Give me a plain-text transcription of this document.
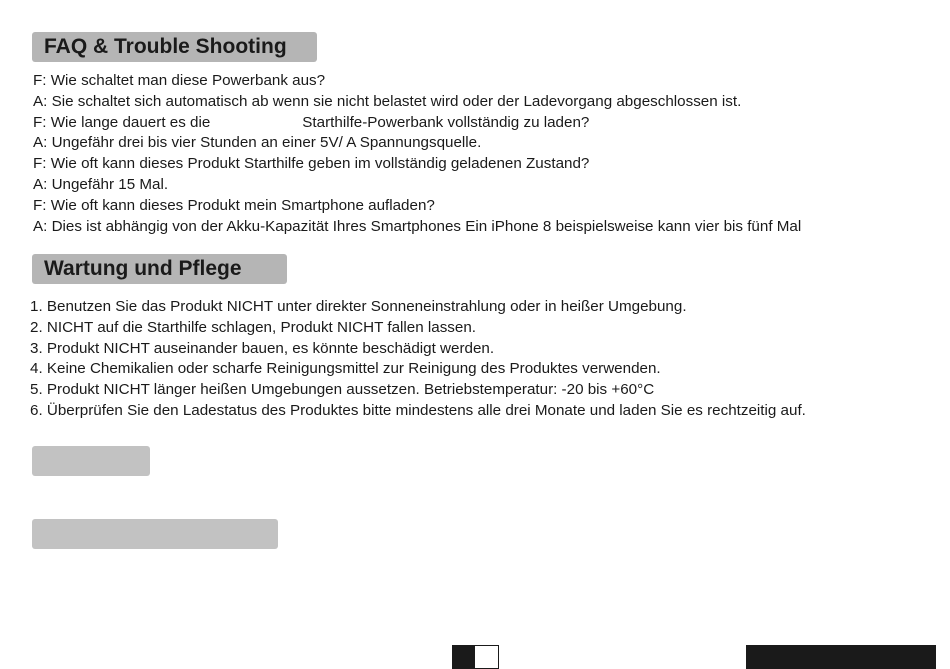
FAQ & Trouble Shooting
F: Wie schaltet man diese Powerbank aus?
A: Sie schaltet sich automatisch ab wenn sie nicht belastet wird oder der Ladevorgang abgeschlossen ist.
F: Wie lange dauert es die	Starthilfe-Powerbank vollständig zu laden?
A: Ungefähr drei bis vier Stunden an einer 5V/ A Spannungsquelle.
F: Wie oft kann dieses Produkt Starthilfe geben im vollständig geladenen Zustand?
A: Ungefähr 15 Mal.
F: Wie oft kann dieses Produkt mein Smartphone aufladen?
A: Dies ist abhängig von der Akku-Kapazität Ihres Smartphones Ein iPhone 8 beispielsweise kann vier bis fünf Mal
Wartung und Pflege
1. Benutzen Sie das Produkt NICHT unter direkter Sonneneinstrahlung oder in heißer Umgebung.
2. NICHT auf die Starthilfe schlagen, Produkt NICHT fallen lassen.
3. Produkt NICHT auseinander bauen, es könnte beschädigt werden.
4. Keine Chemikalien oder scharfe Reinigungsmittel zur Reinigung des Produktes verwenden.
5. Produkt NICHT länger heißen Umgebungen aussetzen. Betriebstemperatur: -20 bis +60°C
6. Überprüfen Sie den Ladestatus des Produktes bitte mindestens alle drei Monate und laden Sie es rechtzeitig auf.
